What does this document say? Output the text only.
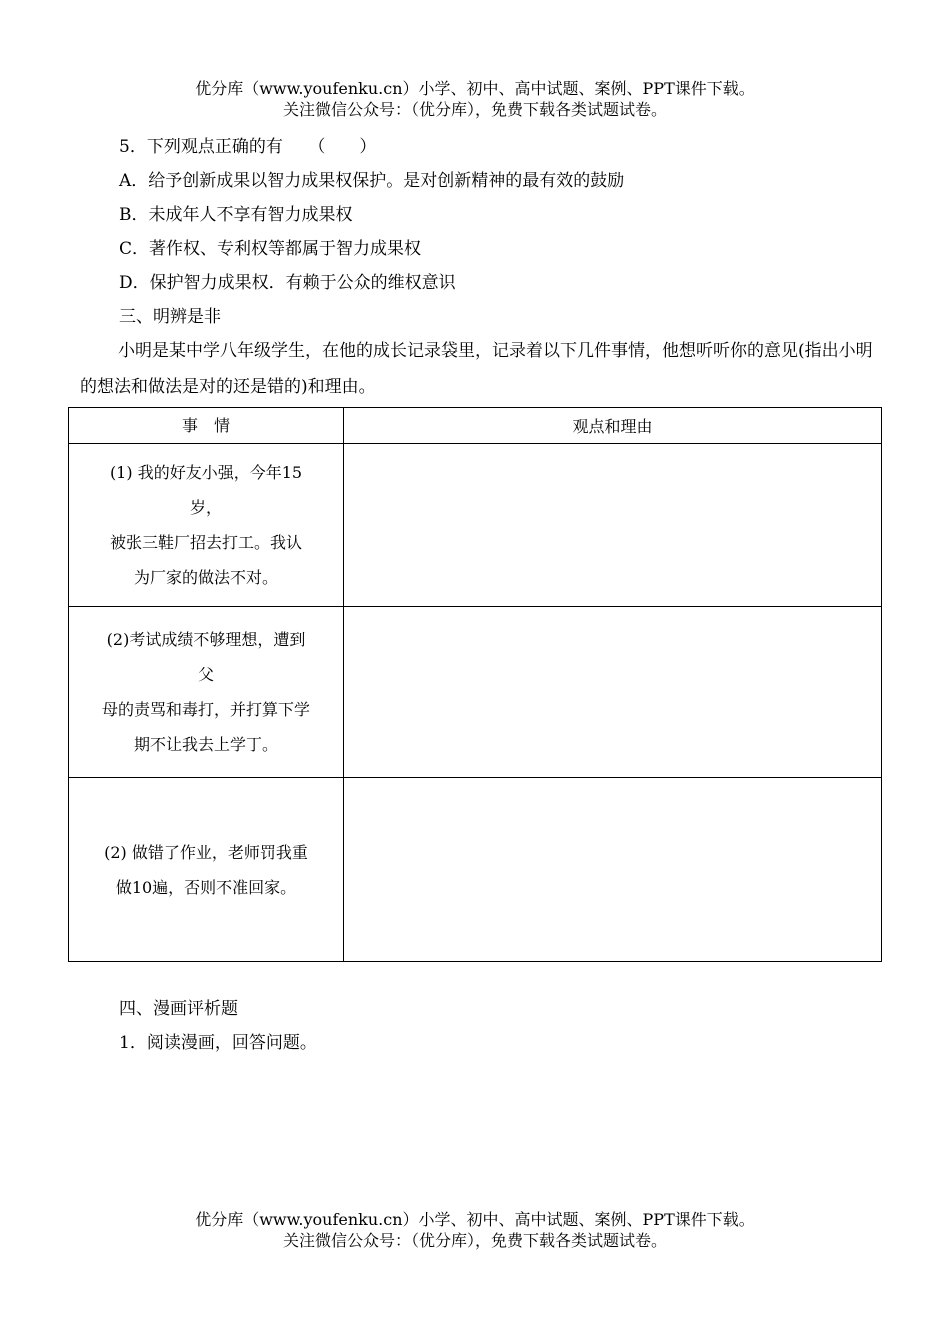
优分库（www.youfenku.cn）小学、初中、高中试题、案例、PPT课件下载。
关注微信公众号：（优分库），免费下载各类试题试卷。
5．下列观点正确的有　　（　　）
A．给予创新成果以智力成果权保护。是对创新精神的最有效的鼓励
B．未成年人不享有智力成果权
C．著作权、专利权等都属于智力成果权
D．保护智力成果权．有赖于公众的维权意识
三、明辨是非
小明是某中学八年级学生，在他的成长记录袋里，记录着以下几件事情，他想听听你的意见(指出小明的想法和做法是对的还是错的)和理由。
事　情	观点和理由

(1) 我的好友小强，今年15
岁，
被张三鞋厂招去打工。我认
为厂家的做法不对。	

(2)考试成绩不够理想，遭到
父
母的责骂和毒打，并打算下学
期不让我去上学丁。	

(2) 做错了作业，老师罚我重
做10遍，否则不准回家。	

四、漫画评析题
1．阅读漫画，回答问题。
优分库（www.youfenku.cn）小学、初中、高中试题、案例、PPT课件下载。
关注微信公众号：（优分库），免费下载各类试题试卷。
